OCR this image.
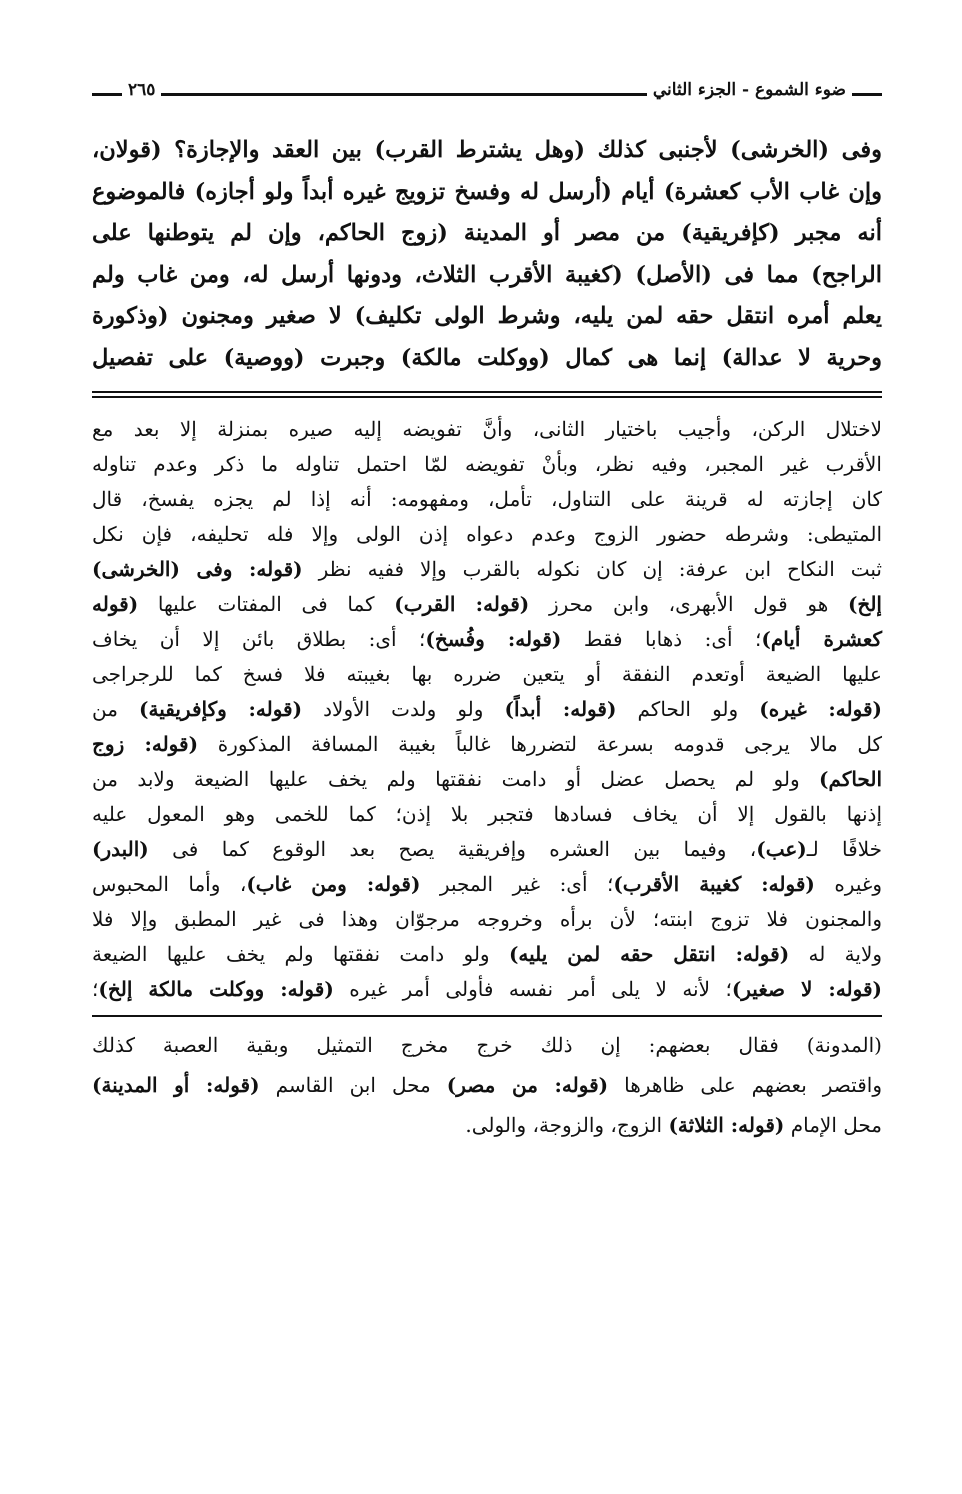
ضوء الشموع - الجزء الثاني
٢٦٥

وفى (الخرشى) لأجنبى كذلك (وهل يشترط القرب) بين العقد والإجازة؟ (قولان،

وإن غاب الأب كعشرة) أيام (أرسل له وفسخ تزويج غيره أبداً ولو أجازه) فالموضوع

أنه مجبر (كإفريقية) من مصر أو المدينة (زوج الحاكم، وإن لم يتوطنها على

الراجح) مما فى (الأصل) (كغيبة الأقرب الثلاث، ودونها أرسل له، ومن غاب ولم

يعلم أمره انتقل حقه لمن يليه، وشرط الولى تكليف) لا صغير ومجنون (وذكورة

وحرية لا عدالة) إنما هى كمال (ووكلت مالكة) وجبرت (ووصية) على تفصيل

لاختلال الركن، وأجيب باختيار الثانى، وأنَّ تفويضه إليه صيره بمنزلة إلا بعد مع

الأقرب غير المجبر، وفيه نظر، وبأنْ تفويضه لمّا احتمل تناوله ما ذكر وعدم تناوله

كان إجازته له قرينة على التناول، تأمل، ومفهومه: أنه إذا لم يجزه يفسخ، قال

المتيطى: وشرطه حضور الزوج وعدم دعواه إذن الولى وإلا فله تحليفه، فإن نكل

ثبت النكاح ابن عرفة: إن كان نكوله بالقرب وإلا ففيه نظر (قوله: وفى (الخرشى)

إلخ) هو قول الأبهرى، وابن محرز (قوله: القرب) كما فى المفتات عليها (قوله

كعشرة أيام)؛ أى: ذهابا فقط (قوله: وفُسخ)؛ أى: بطلاق بائن إلا أن يخاف

عليها الضيعة أوتعدم النفقة أو يتعين ضرره بها بغيبته فلا فسخ كما للرجراجى

(قوله: غيره) ولو الحاكم (قوله: أبداً) ولو ولدت الأولاد (قوله: وكإفريقية) من

كل مالا يرجى قدومه بسرعة لتضررها غالباً بغيبة المسافة المذكورة (قوله: زوج

الحاكم) ولو لم يحصل عضل أو دامت نفقتها ولم يخف عليها الضيعة ولابد من

إذنها بالقول إلا أن يخاف فسادها فتجبر بلا إذن؛ كما للخمى وهو المعول عليه

خلافًا لـ(عب)، وفيما بين العشره وإفريقية يصح بعد الوقوع كما فى (البدر)

وغيره (قوله: كغيبة الأقرب)؛ أى: غير المجبر (قوله: ومن غاب)، وأما المحبوس

والمجنون فلا تزوج ابنته؛ لأن برأه وخروجه مرجوّان وهذا فى غير المطبق وإلا فلا

ولاية له (قوله: انتقل حقه لمن يليه) ولو دامت نفقتها ولم يخف عليها الضيعة

(قوله: لا صغير)؛ لأنه لا يلى أمر نفسه فأولى أمر غيره (قوله: ووكلت مالكة إلخ)؛

(المدونة) فقال بعضهم: إن ذلك خرج مخرج التمثيل وبقية العصبة كذلك

واقتصر بعضهم على ظاهرها (قوله: من مصر) محل ابن القاسم (قوله: أو المدينة)

محل الإمام (قوله: الثلاثة) الزوج، والزوجة، والولى.
